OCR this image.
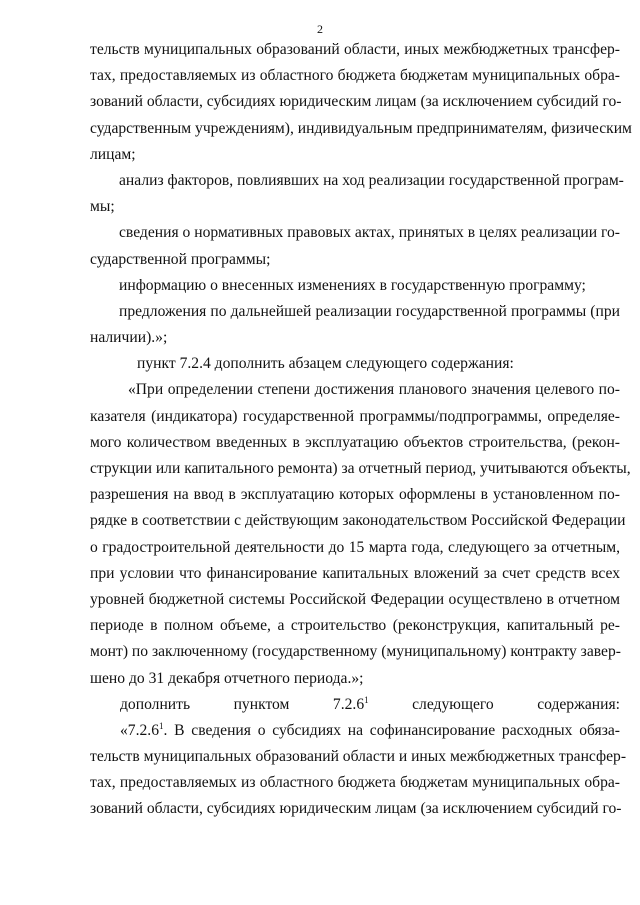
2
тельств муниципальных образований области, иных межбюджетных трансфер-
тах, предоставляемых из областного бюджета бюджетам муниципальных обра-
зований области, субсидиях юридическим лицам (за исключением субсидий го-
сударственным учреждениям), индивидуальным предпринимателям, физическим
лицам;
анализ факторов, повлиявших на ход реализации государственной програм-
мы;
сведения о нормативных правовых актах, принятых в целях реализации го-
сударственной программы;
информацию о внесенных изменениях в государственную программу;
предложения по дальнейшей реализации государственной программы (при
наличии).»;
пункт 7.2.4 дополнить абзацем следующего содержания:
«При определении степени достижения планового значения целевого по-
казателя (индикатора) государственной программы/подпрограммы, определяе-
мого количеством введенных в эксплуатацию объектов строительства, (рекон-
струкции или капитального ремонта) за отчетный период, учитываются объекты,
разрешения на ввод в эксплуатацию которых оформлены в установленном по-
рядке в соответствии с действующим законодательством Российской Федерации
о градостроительной деятельности до 15 марта года, следующего за отчетным,
при условии что финансирование капитальных вложений за счет средств всех
уровней бюджетной системы Российской Федерации осуществлено в отчетном
периоде в полном объеме, а строительство (реконструкция, капитальный ре-
монт) по заключенному (государственному (муниципальному) контракту завер-
шено до 31 декабря отчетного периода.»;
дополнить пунктом 7.2.6$^1$ следующего содержания:
«7.2.6$^1$. В сведения о субсидиях на софинансирование расходных обяза-
тельств муниципальных образований области и иных межбюджетных трансфер-
тах, предоставляемых из областного бюджета бюджетам муниципальных обра-
зований области, субсидиях юридическим лицам (за исключением субсидий го-
